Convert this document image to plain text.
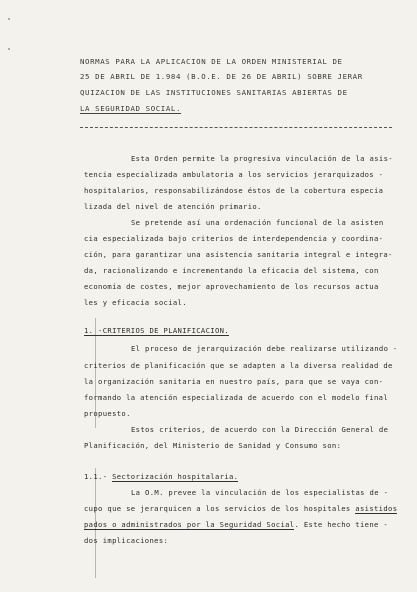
NORMAS PARA LA APLICACION DE LA ORDEN MINISTERIAL DE

25 DE ABRIL DE 1.984 (B.O.E. DE 26 DE ABRIL) SOBRE JERAR

QUIZACION DE LAS INSTITUCIONES SANITARIAS ABIERTAS DE

LA SEGURIDAD SOCIAL.

Esta Orden permite la progresiva vinculación de la asis-

tencia especializada ambulatoria a los servicios jerarquizados -

hospitalarios, responsabilizándose éstos de la cobertura especia

lizada del nivel de atención primario.

Se pretende así una ordenación funcional de la asisten

cia especializada bajo criterios de interdependencia y coordina-

ción, para garantizar una asistencia sanitaria integral e integra-

da, racionalizando e incrementando la eficacia del sistema, con

economía de costes, mejor aprovechamiento de los recursos actua

les y eficacia social.

1. -CRITERIOS DE PLANIFICACION.

El proceso de jerarquización debe realizarse utilizando -

criterios de planificación que se adapten a la diversa realidad de

la organización sanitaria en nuestro país, para que se vaya con-

formando la atención especializada de acuerdo con el modelo final

propuesto.

Estos criterios, de acuerdo con la Dirección General de

Planificación, del Ministerio de Sanidad y Consumo son:

1.1.- Sectorización hospitalaria.

La O.M. prevee la vinculación de los especialistas de -

cupo que se jerarquicen a los servicios de los hospitales asistidos

pados o administrados por la Seguridad Social. Este hecho tiene -

dos implicaciones:
